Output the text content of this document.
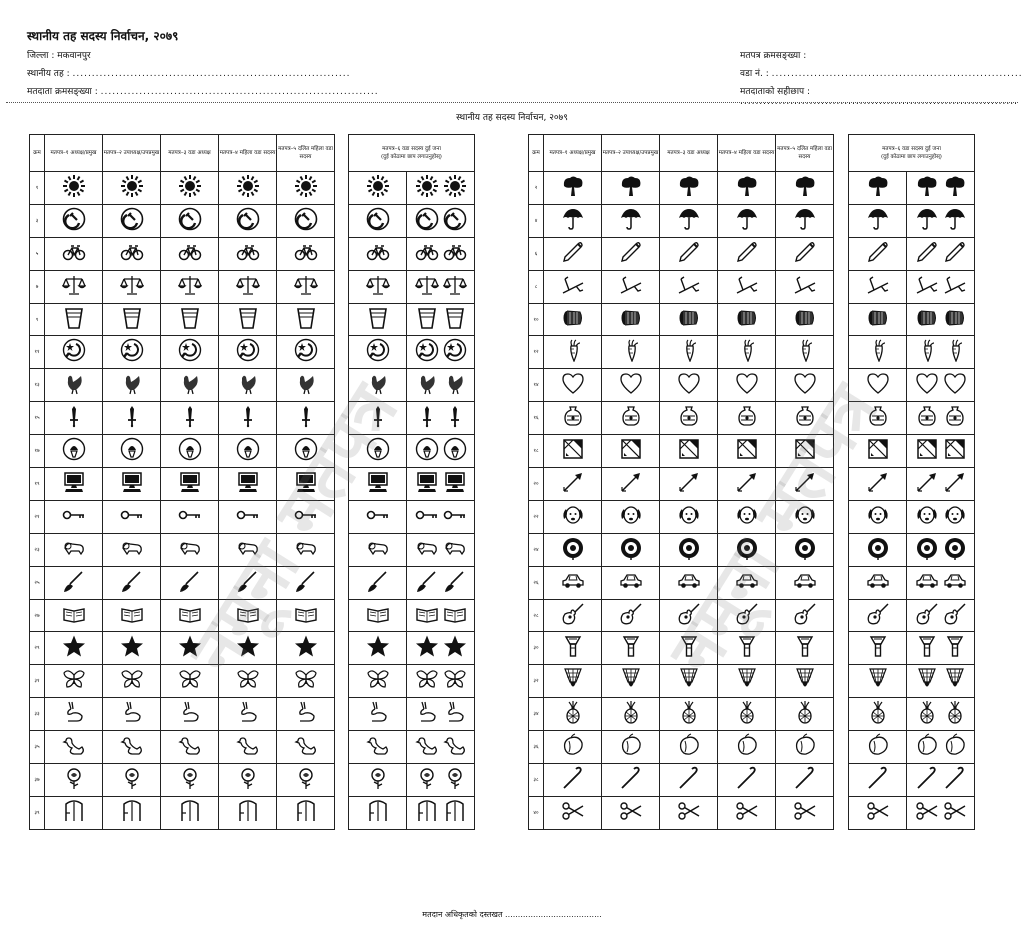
स्थानीय तह सदस्य निर्वाचन, २०७९
जिल्ला : मकवानपुर
स्थानीय तह : ........................................................................
मतदाता क्रमसङ्ख्या : ........................................................................
मतपत्र क्रमसङ्ख्या :
वडा नं. : .................................................................
मतदाताको सहीछाप : ........................................................................
स्थानीय तह सदस्य निर्वाचन, २०७९
क्रम	मतपत्र–१ अध्यक्ष/प्रमुख	मतपत्र–२ उपाध्यक्ष/उपप्रमुख	मतपत्र–३ वडा अध्यक्ष	मतपत्र–४ महिला वडा सदस्य	मतपत्र–५ दलित महिला वडा सदस्य
१					
३					
५					
७					
९					
११					
१३					
१५					
१७					
१९					
२१					
२३					
२५					
२७					
२९					
३१					
३३					
३५					
३७					
३९					
मतपत्र–६ वडा सदस्य दुई जना
(दुई कोठामा छाप लगाउनुहोस्)	

क्रम	मतपत्र–१ अध्यक्ष/प्रमुख	मतपत्र–२ उपाध्यक्ष/उपप्रमुख	मतपत्र–३ वडा अध्यक्ष	मतपत्र–४ महिला वडा सदस्य	मतपत्र–५ दलित महिला वडा सदस्य
२					
४					
६					
८					
१०					
१२					
१४					
१६					
१८					
२०					
२२					
२४					
२६					
२८					
३०					
३२					
३४					
३६					
३८					
४०					
मतपत्र–६ वडा सदस्य दुई जना
(दुई कोठामा छाप लगाउनुहोस्)	

नमूना मतपत्र	नमूना मतपत्र
मतदान अधिकृतको दस्तखत ......................................
